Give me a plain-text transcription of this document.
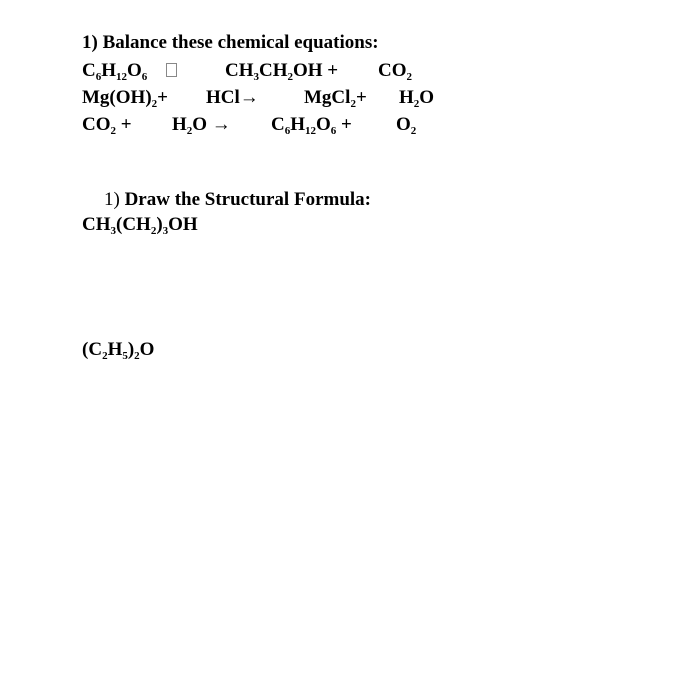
1) Balance these chemical equations:
$C_6H_{12}O_6$	$CH_3CH_2OH + CO_2$
$Mg(OH)_2+ HCl\to$ MgCl$_2$+ $H_2O$
$CO_2 + H_2O \to C_6H_{12}O_6 + O_2$
1) Draw the Structural Formula:
$CH_3(CH_2)_3OH$
$(C_2H_5)_2O$
